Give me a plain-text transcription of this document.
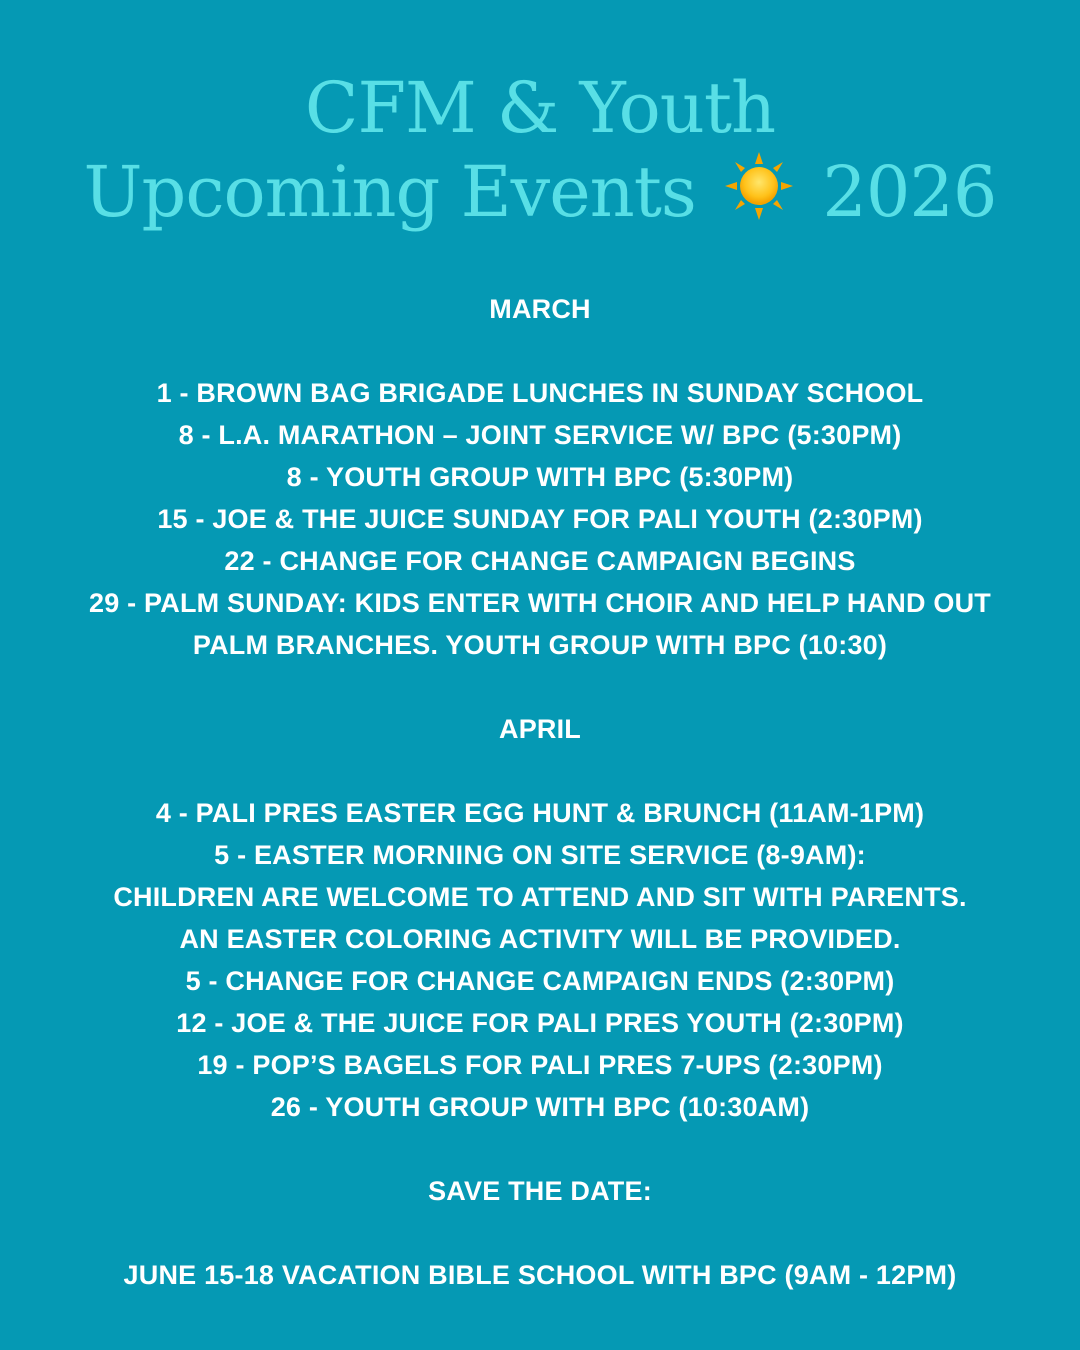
CFM & Youth
Upcoming Events 2026
MARCH
1 - BROWN BAG BRIGADE LUNCHES IN SUNDAY SCHOOL
8 - L.A. MARATHON – JOINT SERVICE W/ BPC (5:30PM)
8 - YOUTH GROUP WITH BPC (5:30PM)
15 - JOE & THE JUICE SUNDAY FOR PALI YOUTH (2:30PM)
22 - CHANGE FOR CHANGE CAMPAIGN BEGINS
29 - PALM SUNDAY: KIDS ENTER WITH CHOIR AND HELP HAND OUT
PALM BRANCHES. YOUTH GROUP WITH BPC (10:30)
APRIL
4 - PALI PRES EASTER EGG HUNT & BRUNCH (11AM-1PM)
5 - EASTER MORNING ON SITE SERVICE (8-9AM):
CHILDREN ARE WELCOME TO ATTEND AND SIT WITH PARENTS.
AN EASTER COLORING ACTIVITY WILL BE PROVIDED.
5 - CHANGE FOR CHANGE CAMPAIGN ENDS (2:30PM)
12 - JOE & THE JUICE FOR PALI PRES YOUTH (2:30PM)
19 - POP’S BAGELS FOR PALI PRES 7-UPS (2:30PM)
26 - YOUTH GROUP WITH BPC (10:30AM)
SAVE THE DATE:
JUNE 15-18 VACATION BIBLE SCHOOL WITH BPC (9AM - 12PM)
